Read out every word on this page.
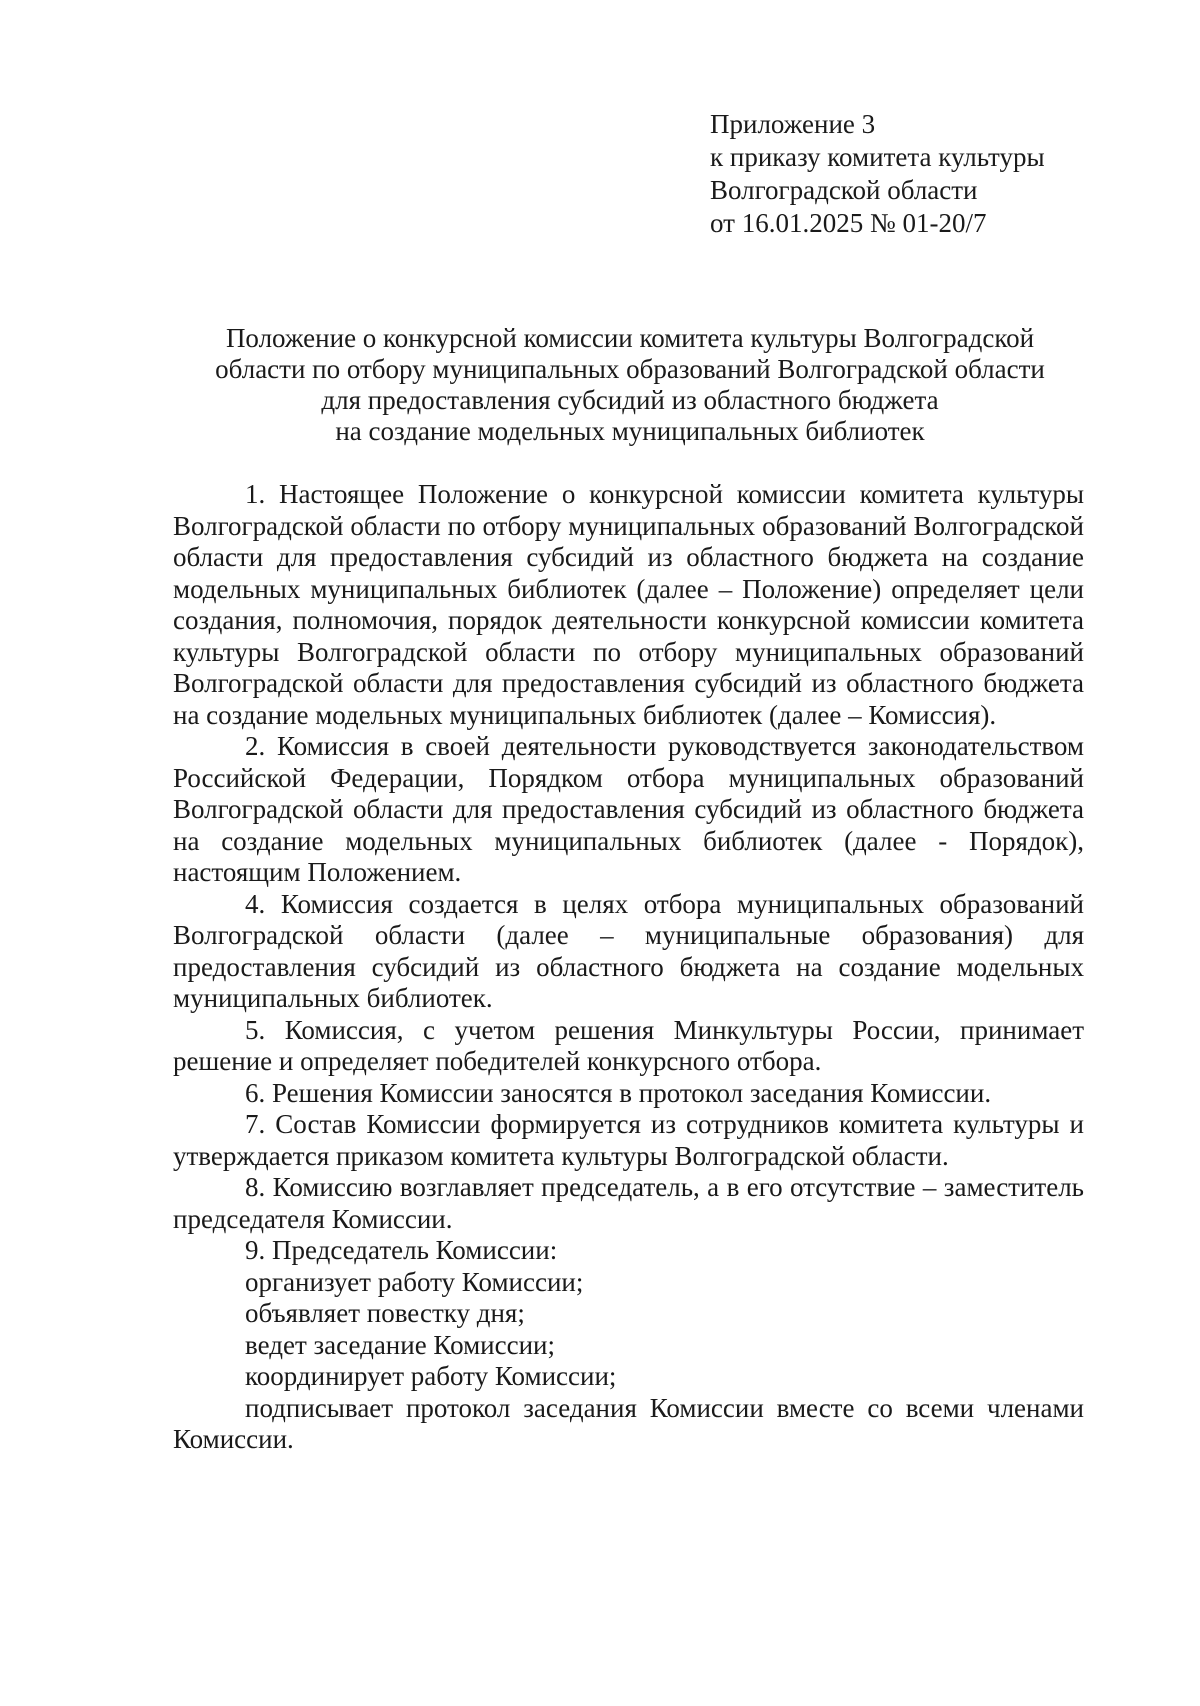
Приложение 3
к приказу комитета культуры
Волгоградской области
от 16.01.2025 № 01-20/7
Положение о конкурсной комиссии комитета культуры Волгоградской
области по отбору муниципальных образований Волгоградской области
для предоставления субсидий из областного бюджета
на создание модельных муниципальных библиотек

1. Настоящее Положение о конкурсной комиссии комитета культуры Волгоградской области по отбору муниципальных образований Волгоградской области для предоставления субсидий из областного бюджета на создание модельных муниципальных библиотек (далее – Положение) определяет цели создания, полномочия, порядок деятельности конкурсной комиссии комитета культуры Волгоградской области по отбору муниципальных образований Волгоградской области для предоставления субсидий из областного бюджета на создание модельных муниципальных библиотек (далее – Комиссия).

2. Комиссия в своей деятельности руководствуется законодательством Российской Федерации, Порядком отбора муниципальных образований Волгоградской области для предоставления субсидий из областного бюджета на создание модельных муниципальных библиотек (далее - Порядок), настоящим Положением.

4. Комиссия создается в целях отбора муниципальных образований Волгоградской области (далее – муниципальные образования) для предоставления субсидий из областного бюджета на создание модельных муниципальных библиотек.

5. Комиссия, с учетом решения Минкультуры России, принимает решение и определяет победителей конкурсного отбора.

6. Решения Комиссии заносятся в протокол заседания Комиссии.

7. Состав Комиссии формируется из сотрудников комитета культуры и утверждается приказом комитета культуры Волгоградской области.

8. Комиссию возглавляет председатель, а в его отсутствие – заместитель председателя Комиссии.

9. Председатель Комиссии:

организует работу Комиссии;

объявляет повестку дня;

ведет заседание Комиссии;

координирует работу Комиссии;

подписывает протокол заседания Комиссии вместе со всеми членами Комиссии.
